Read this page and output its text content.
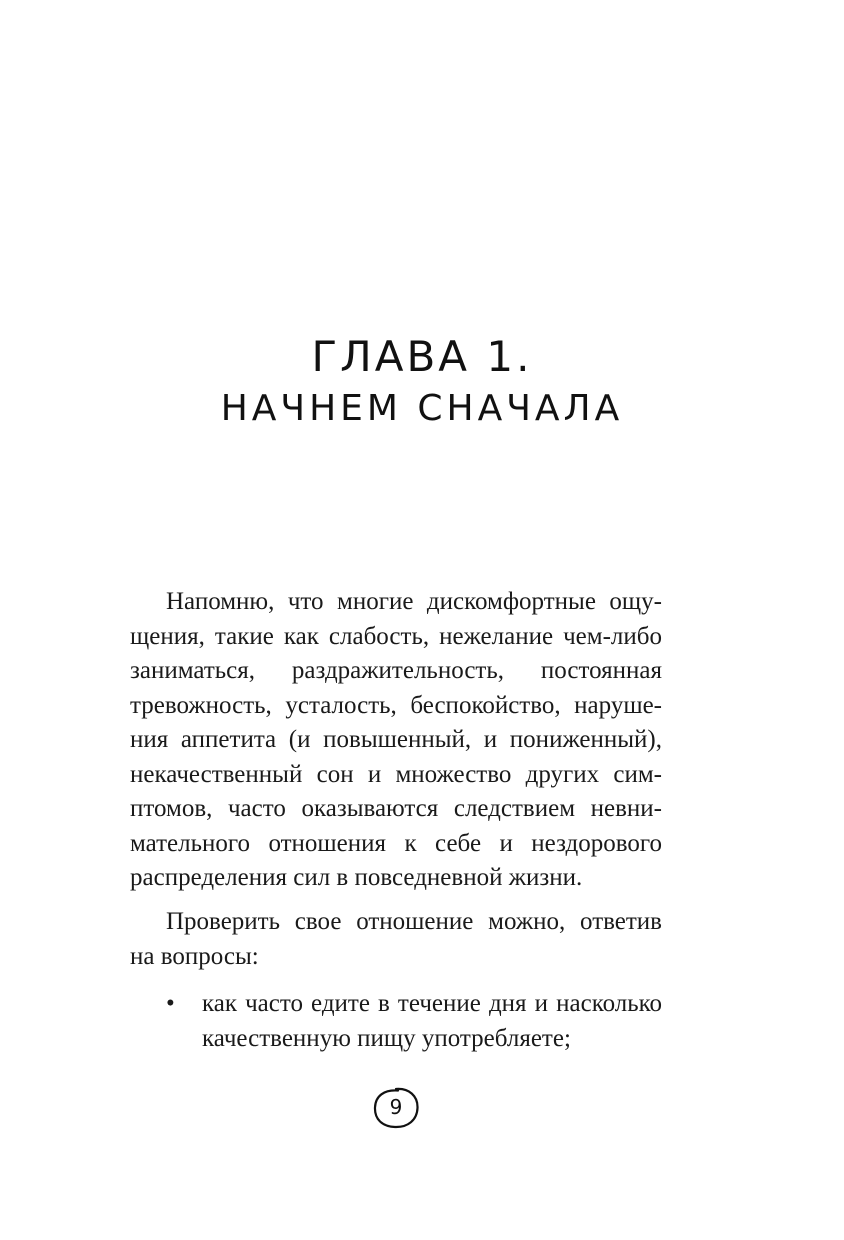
ГЛАВА 1.
НАЧНЕМ СНАЧАЛА
Напомню, что многие дискомфортные ощу-
щения, такие как слабость, нежелание чем-либо
заниматься, раздражительность, постоянная
тревожность, усталость, беспокойство, наруше-
ния аппетита (и повышенный, и пониженный),
некачественный сон и множество других сим-
птомов, часто оказываются следствием невни-
мательного отношения к себе и нездорового
распределения сил в повседневной жизни.
Проверить свое отношение можно, ответив
на вопросы:
• как часто едите в течение дня и насколько
качественную пищу употребляете;
9
